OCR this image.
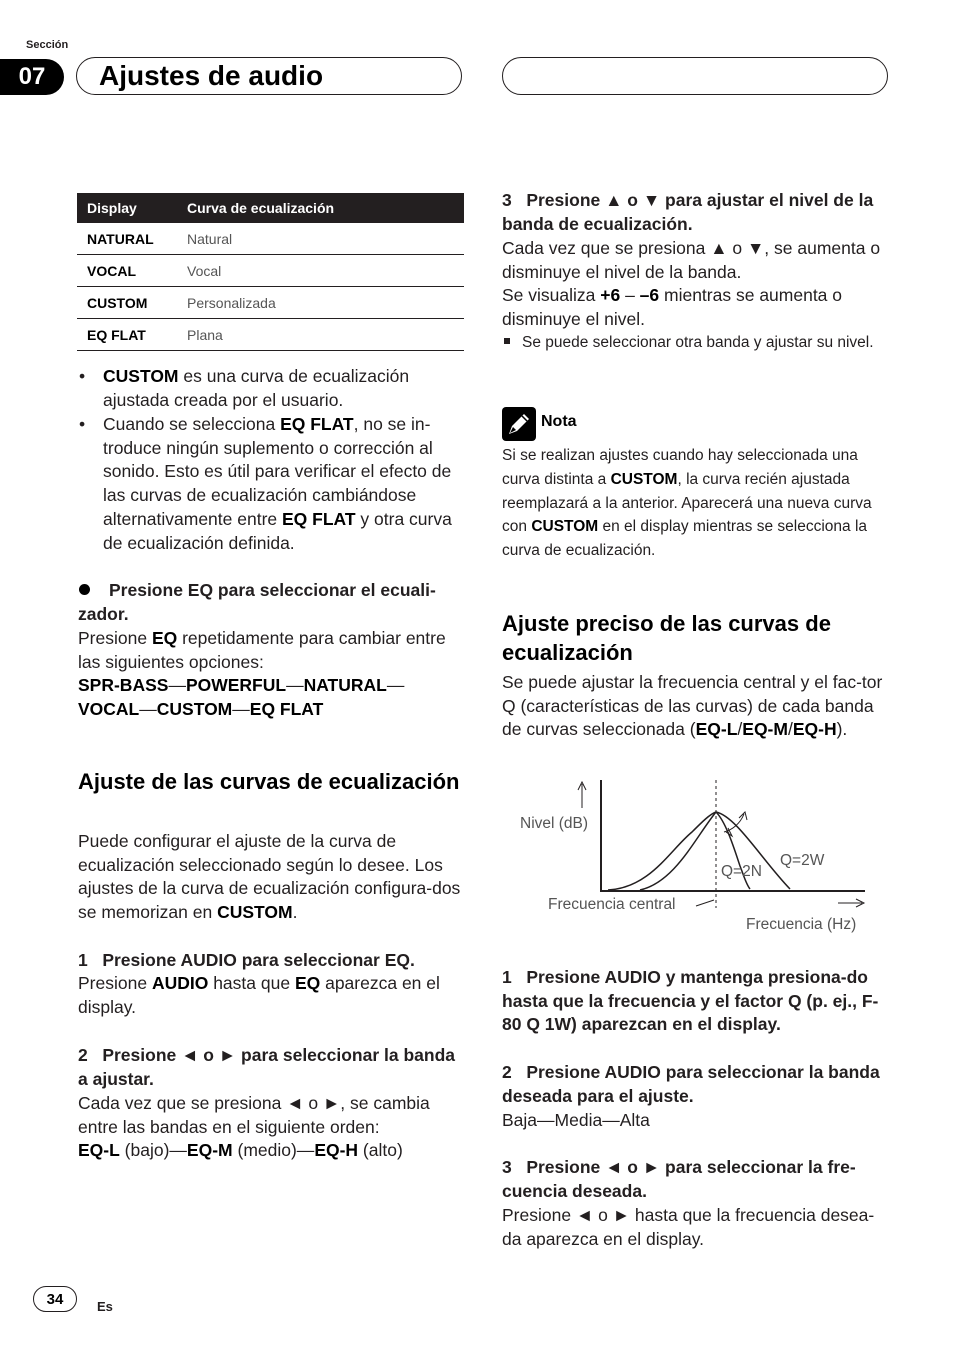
Sección
07	Ajustes de audio
Display	Curva de ecualización
NATURAL	Natural
VOCAL	Vocal
CUSTOM	Personalizada
EQ FLAT	Plana
• CUSTOM es una curva de ecualización ajustada creada por el usuario.
• Cuando se selecciona EQ FLAT, no se in-troduce ningún suplemento o corrección al sonido. Esto es útil para verificar el efecto de las curvas de ecualización cambiándose alternativamente entre EQ FLAT y otra curva de ecualización definida.
Presione EQ para seleccionar el ecuali-zador.
Presione EQ repetidamente para cambiar entre las siguientes opciones:
SPR-BASS—POWERFUL—NATURAL—
VOCAL—CUSTOM—EQ FLAT
Ajuste de las curvas de ecualización
Puede configurar el ajuste de la curva de ecualización seleccionado según lo desee. Los ajustes de la curva de ecualización configura-dos se memorizan en CUSTOM.
1 Presione AUDIO para seleccionar EQ.
Presione AUDIO hasta que EQ aparezca en el display.
2 Presione ◄ o ► para seleccionar la banda a ajustar.
Cada vez que se presiona ◄ o ►, se cambia entre las bandas en el siguiente orden:
EQ-L (bajo)—EQ-M (medio)—EQ-H (alto)
3 Presione ▲ o ▼ para ajustar el nivel de la banda de ecualización.
Cada vez que se presiona ▲ o ▼, se aumenta o disminuye el nivel de la banda.
Se visualiza +6 – –6 mientras se aumenta o disminuye el nivel.
Se puede seleccionar otra banda y ajustar su nivel.
Nota
Si se realizan ajustes cuando hay seleccionada una curva distinta a CUSTOM, la curva recién ajustada reemplazará a la anterior. Aparecerá una nueva curva con CUSTOM en el display mientras se selecciona la curva de ecualización.
Ajuste preciso de las curvas de ecualización
Se puede ajustar la frecuencia central y el fac-tor Q (características de las curvas) de cada banda de curvas seleccionada (EQ-L/EQ-M/EQ-H).
Nivel (dB)
Q=2N
Q=2W
Frecuencia central
Frecuencia (Hz)
1 Presione AUDIO y mantenga presiona-do hasta que la frecuencia y el factor Q (p. ej., F- 80 Q 1W) aparezcan en el display.
2 Presione AUDIO para seleccionar la banda deseada para el ajuste.
Baja—Media—Alta
3 Presione ◄ o ► para seleccionar la fre-cuencia deseada.
Presione ◄ o ► hasta que la frecuencia desea-da aparezca en el display.
34	Es
